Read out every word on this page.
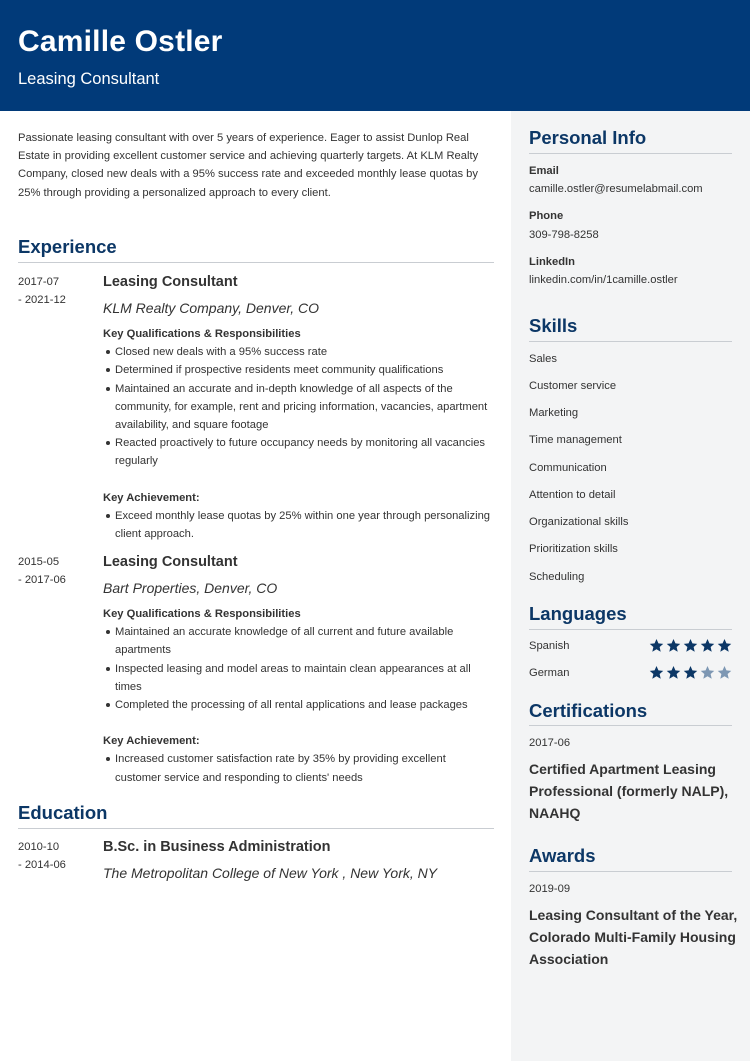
Camille Ostler
Leasing Consultant
Personal Info
Email
camille.ostler@resumelabmail.com
Phone
309-798-8258
LinkedIn
linkedin.com/in/1camille.ostler
Skills
Sales
Customer service
Marketing
Time management
Communication
Attention to detail
Organizational skills
Prioritization skills
Scheduling
Languages
Spanish
German
Certifications
2017-06
Certified Apartment Leasing Professional (formerly NALP), NAAHQ
Awards
2019-09
Leasing Consultant of the Year, Colorado Multi-Family Housing Association
Passionate leasing consultant with over 5 years of experience. Eager to assist Dunlop Real Estate in providing excellent customer service and achieving quarterly targets. At KLM Realty Company, closed new deals with a 95% success rate and exceeded monthly lease quotas by 25% through providing a personalized approach to every client.
Experience
2017-07
- 2021-12
Leasing Consultant
KLM Realty Company, Denver, CO
Key Qualifications & Responsibilities
Closed new deals with a 95% success rate
Determined if prospective residents meet community qualifications
Maintained an accurate and in-depth knowledge of all aspects of the community, for example, rent and pricing information, vacancies, apartment availability, and square footage
Reacted proactively to future occupancy needs by monitoring all vacancies regularly
Key Achievement:
Exceed monthly lease quotas by 25% within one year through personalizing client approach.
2015-05
- 2017-06
Leasing Consultant
Bart Properties, Denver, CO
Key Qualifications & Responsibilities
Maintained an accurate knowledge of all current and future available apartments
Inspected leasing and model areas to maintain clean appearances at all times
Completed the processing of all rental applications and lease packages
Key Achievement:
Increased customer satisfaction rate by 35% by providing excellent customer service and responding to clients' needs
Education
2010-10
- 2014-06
B.Sc. in Business Administration
The Metropolitan College of New York , New York, NY
